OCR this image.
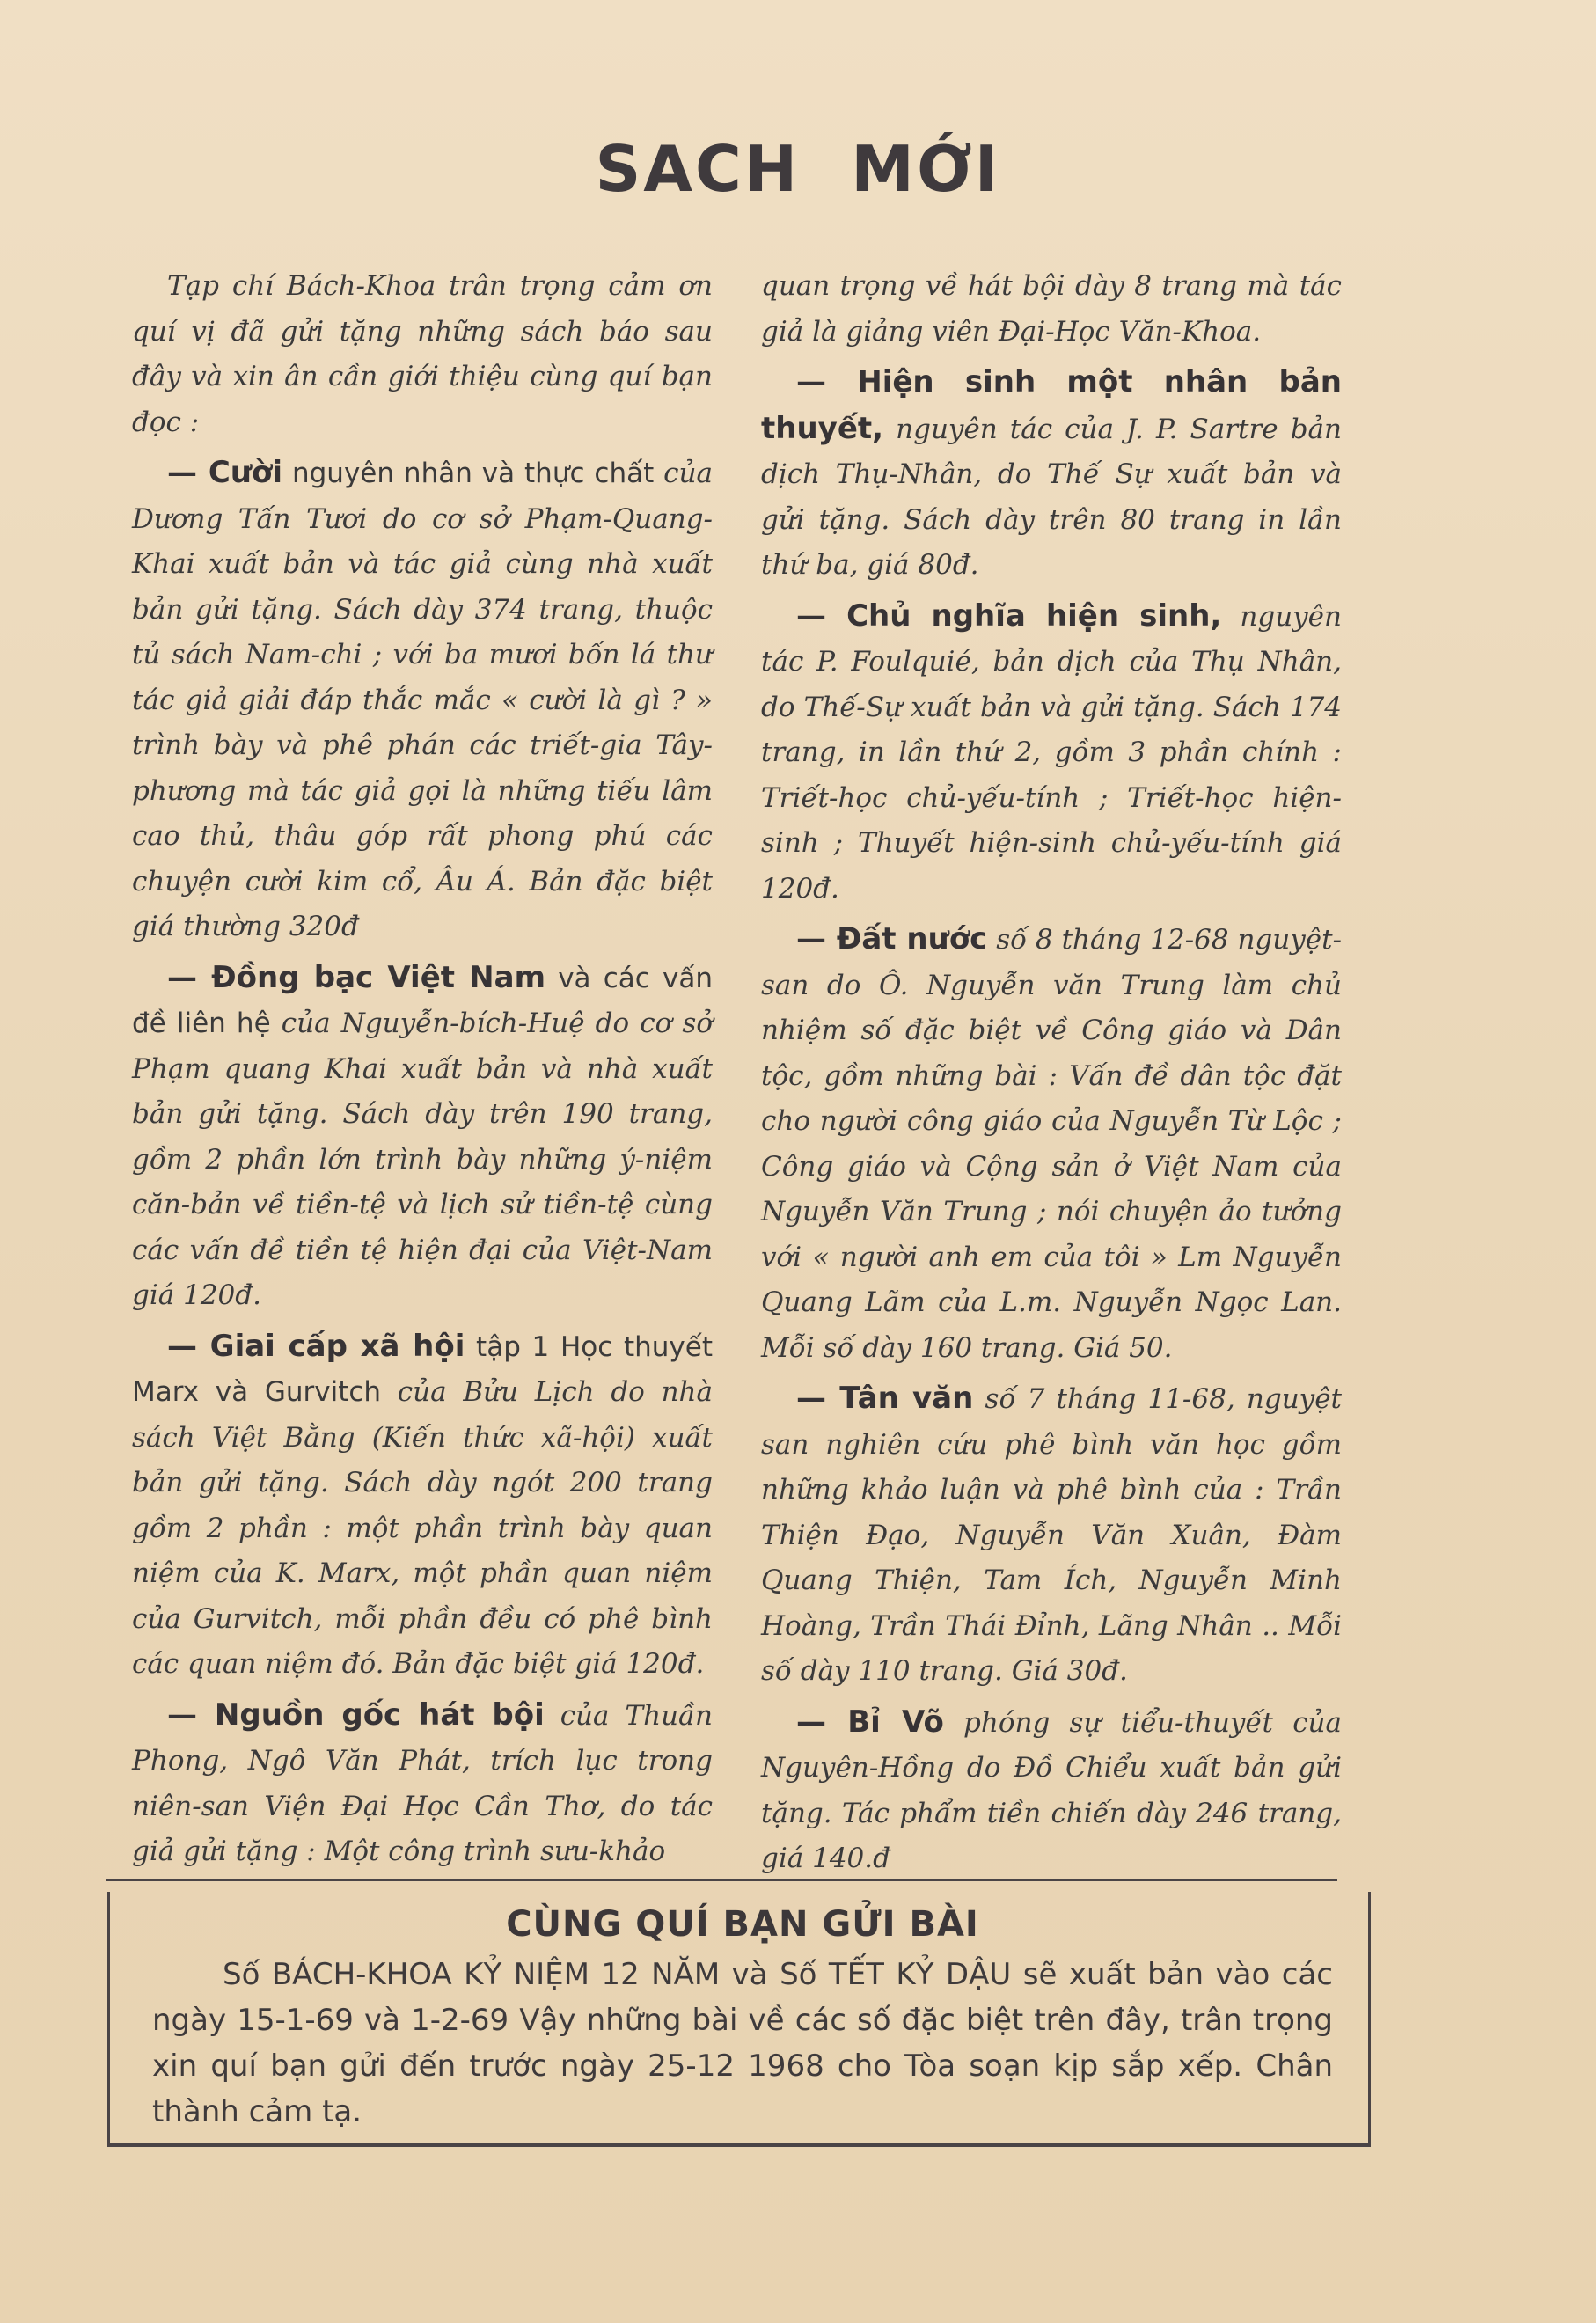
SACH MỚI

Tạp chí Bách-Khoa trân trọng cảm ơn quí vị đã gửi tặng những sách báo sau đây và xin ân cần giới thiệu cùng quí bạn đọc :

— Cười nguyên nhân và thực chất của Dương Tấn Tươi do cơ sở Phạm-Quang-Khai xuất bản và tác giả cùng nhà xuất bản gửi tặng. Sách dày 374 trang, thuộc tủ sách Nam-chi ; với ba mươi bốn lá thư tác giả giải đáp thắc mắc « cười là gì ? » trình bày và phê phán các triết-gia Tây-phương mà tác giả gọi là những tiếu lâm cao thủ, thâu góp rất phong phú các chuyện cười kim cổ, Âu Á. Bản đặc biệt giá thường 320đ

— Đồng bạc Việt Nam và các vấn đề liên hệ của Nguyễn-bích-Huệ do cơ sở Phạm quang Khai xuất bản và nhà xuất bản gửi tặng. Sách dày trên 190 trang, gồm 2 phần lớn trình bày những ý-niệm căn-bản về tiền-tệ và lịch sử tiền-tệ cùng các vấn đề tiền tệ hiện đại của Việt-Nam giá 120đ.

— Giai cấp xã hội tập 1 Học thuyết Marx và Gurvitch của Bửu Lịch do nhà sách Việt Bằng (Kiến thức xã-hội) xuất bản gửi tặng. Sách dày ngót 200 trang gồm 2 phần : một phần trình bày quan niệm của K. Marx, một phần quan niệm của Gurvitch, mỗi phần đều có phê bình các quan niệm đó. Bản đặc biệt giá 120đ.

— Nguồn gốc hát bội của Thuần Phong, Ngô Văn Phát, trích lục trong niên-san Viện Đại Học Cần Thơ, do tác giả gửi tặng : Một công trình sưu-khảo

quan trọng về hát bội dày 8 trang mà tác giả là giảng viên Đại-Học Văn-Khoa.

— Hiện sinh một nhân bản thuyết, nguyên tác của J. P. Sartre bản dịch Thụ-Nhân, do Thế Sự xuất bản và gửi tặng. Sách dày trên 80 trang in lần thứ ba, giá 80đ.

— Chủ nghĩa hiện sinh, nguyên tác P. Foulquié, bản dịch của Thụ Nhân, do Thế-Sự xuất bản và gửi tặng. Sách 174 trang, in lần thứ 2, gồm 3 phần chính : Triết-học chủ-yếu-tính ; Triết-học hiện-sinh ; Thuyết hiện-sinh chủ-yếu-tính giá 120đ.

— Đất nước số 8 tháng 12-68 nguyệt-san do Ô. Nguyễn văn Trung làm chủ nhiệm số đặc biệt về Công giáo và Dân tộc, gồm những bài : Vấn đề dân tộc đặt cho người công giáo của Nguyễn Từ Lộc ; Công giáo và Cộng sản ở Việt Nam của Nguyễn Văn Trung ; nói chuyện ảo tưởng với « người anh em của tôi » Lm Nguyễn Quang Lãm của L.m. Nguyễn Ngọc Lan. Mỗi số dày 160 trang. Giá 50.

— Tân văn số 7 tháng 11-68, nguyệt san nghiên cứu phê bình văn học gồm những khảo luận và phê bình của : Trần Thiện Đạo, Nguyễn Văn Xuân, Đàm Quang Thiện, Tam Ích, Nguyễn Minh Hoàng, Trần Thái Đỉnh, Lãng Nhân .. Mỗi số dày 110 trang. Giá 30đ.

— Bỉ Võ phóng sự tiểu-thuyết của Nguyên-Hồng do Đồ Chiểu xuất bản gửi tặng. Tác phẩm tiền chiến dày 246 trang, giá 140.đ

CÙNG QUÍ BẠN GỬI BÀI

Số BÁCH-KHOA KỶ NIỆM 12 NĂM và Số TẾT KỶ DẬU sẽ xuất bản vào các ngày 15-1-69 và 1-2-69 Vậy những bài về các số đặc biệt trên đây, trân trọng xin quí bạn gửi đến trước ngày 25-12 1968 cho Tòa soạn kịp sắp xếp. Chân thành cảm tạ.
